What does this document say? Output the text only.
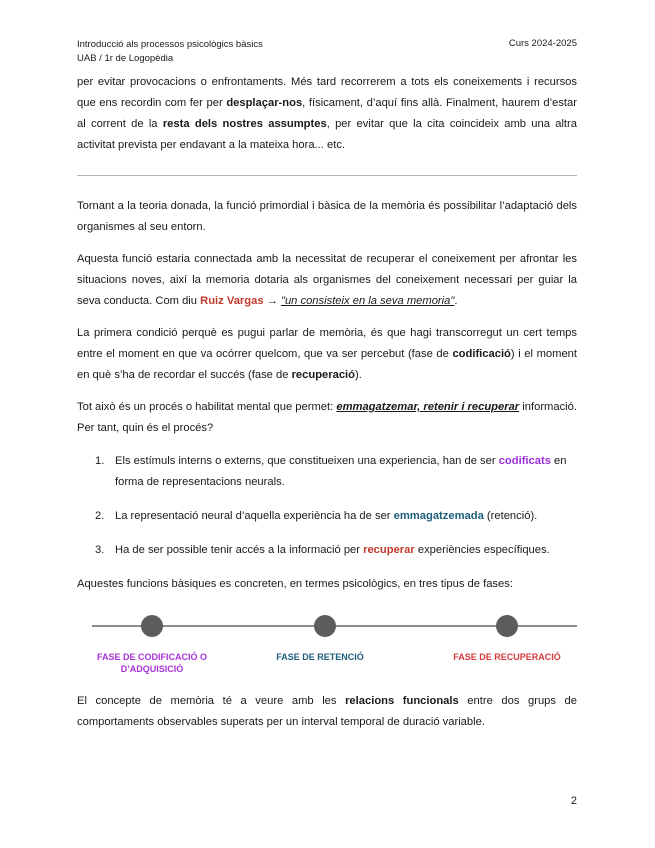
Introducció als processos psicològics bàsics
UAB / 1r de Logopèdia
Curs 2024-2025

per evitar provocacions o enfrontaments. Més tard recorrerem a tots els coneixements i recursos que ens recordin com fer per desplaçar-nos, físicament, d’aquí fins allà. Finalment, haurem d’estar al corrent de la resta dels nostres assumptes, per evitar que la cita coincideix amb una altra activitat prevista per endavant a la mateixa hora... etc.

Tornant a la teoria donada, la funció primordial i bàsica de la memòria és possibilitar l’adaptació dels organismes al seu entorn.

Aquesta funció estaria connectada amb la necessitat de recuperar el coneixement per afrontar les situacions noves, així la memoria dotaria als organismes del coneixement necessari per guiar la seva conducta. Com diu Ruiz Vargas → "un consisteix en la seva memoria".

La primera condició perquè es pugui parlar de memòria, és que hagi transcorregut un cert temps entre el moment en que va ocórrer quelcom, que va ser percebut (fase de codificació) i el moment en què s’ha de recordar el succés (fase de recuperació).

Tot això és un procés o habilitat mental que permet: emmagatzemar, retenir i recuperar informació. Per tant, quin és el procés?

1. Els estímuls interns o externs, que constitueixen una experiencia, han de ser codificats en forma de representacions neurals.
2. La representació neural d’aquella experiència ha de ser emmagatzemada (retenció).
3. Ha de ser possible tenir accés a la informació per recuperar experiències específiques.

Aquestes funcions bàsiques es concreten, en termes psicològics, en tres tipus de fases:

FASE DE CODIFICACIÓ O D’ADQUISICIÓ
FASE DE RETENCIÓ	FASE DE RECUPERACIÓ

El concepte de memòria té a veure amb les relacions funcionals entre dos grups de comportaments observables superats per un interval temporal de duració variable.

2
